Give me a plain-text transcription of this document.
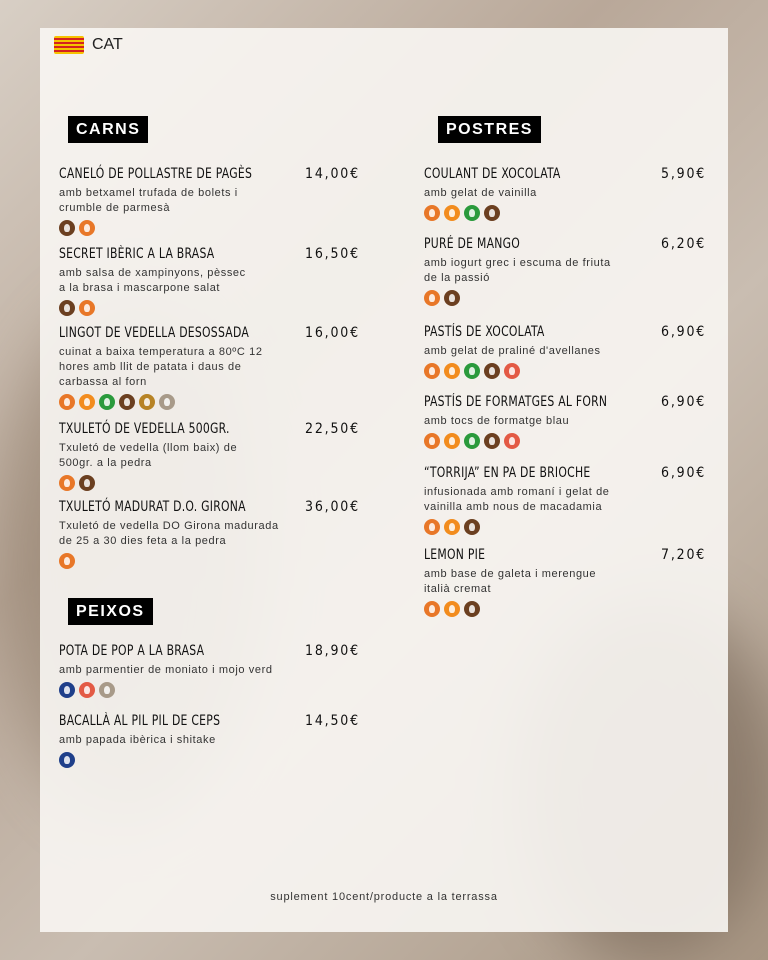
CAT
CARNS	POSTRES
PEIXOS
CANELÓ DE POLLASTRE DE PAGÈS	14,00€
amb betxamel trufada de bolets i
crumble de parmesà
SECRET IBÈRIC A LA BRASA	16,50€
amb salsa de xampinyons, pèssec
a la brasa i mascarpone salat
LINGOT DE VEDELLA DESOSSADA	16,00€
cuinat a baixa temperatura a 80ºC 12
hores amb llit de patata i daus de
carbassa al forn
TXULETÓ DE VEDELLA 500GR.	22,50€
Txuletó de vedella (llom baix) de
500gr. a la pedra
TXULETÓ MADURAT D.O. GIRONA	36,00€
Txuletó de vedella DO Girona madurada
de 25 a 30 dies feta a la pedra
POTA DE POP A LA BRASA	18,90€
amb parmentier de moniato i mojo verd
BACALLÀ AL PIL PIL DE CEPS	14,50€
amb papada ibèrica i shitake
COULANT DE XOCOLATA	5,90€
amb gelat de vainilla
PURÉ DE MANGO	6,20€
amb iogurt grec i escuma de friuta
de la passió
PASTÍS DE XOCOLATA	6,90€
amb gelat de praliné d'avellanes
PASTÍS DE FORMATGES AL FORN	6,90€
amb tocs de formatge blau
“TORRIJA” EN PA DE BRIOCHE	6,90€
infusionada amb romaní i gelat de
vainilla amb nous de macadamia
LEMON PIE	7,20€
amb base de galeta i merengue
italià cremat
suplement 10cent/producte a la terrassa
